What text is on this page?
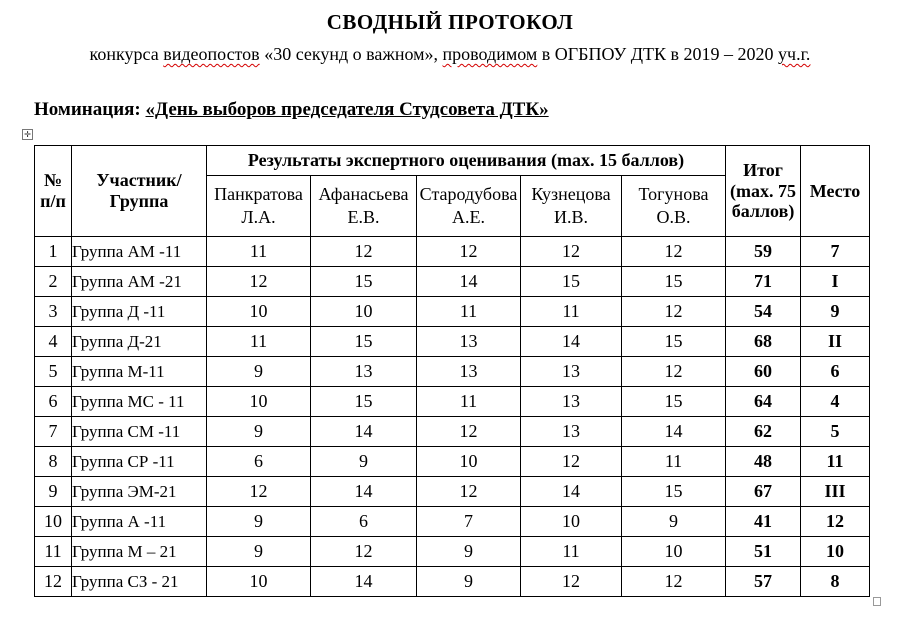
СВОДНЫЙ ПРОТОКОЛ
конкурса видеопостов «30 секунд о важном», проводимом в ОГБПОУ ДТК в 2019 – 2020 уч.г.
Номинация: «День выборов председателя Студсовета ДТК»
✛
№ п/п	Участник/ Группа	Результаты экспертного оценивания (max. 15 баллов)					Итог (max. 75 баллов)	Место
		Панкратова Л.А.	Афанасьева Е.В.	Стародубова А.Е.	Кузнецова И.В.	Тогунова О.В.		
1	Группа АМ -11	11	12	12	12	12	59	7
2	Группа АМ -21	12	15	14	15	15	71	I
3	Группа Д -11	10	10	11	11	12	54	9
4	Группа Д-21	11	15	13	14	15	68	II
5	Группа М-11	9	13	13	13	12	60	6
6	Группа МС - 11	10	15	11	13	15	64	4
7	Группа СМ -11	9	14	12	13	14	62	5
8	Группа СР -11	6	9	10	12	11	48	11
9	Группа ЭМ-21	12	14	12	14	15	67	III
10	Группа А -11	9	6	7	10	9	41	12
11	Группа М – 21	9	12	9	11	10	51	10
12	Группа СЗ - 21	10	14	9	12	12	57	8
